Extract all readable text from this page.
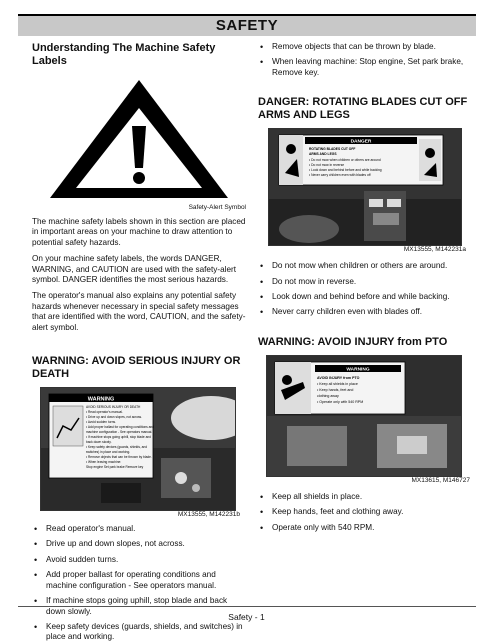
SAFETY
Understanding The Machine Safety Labels
Safety-Alert Symbol

The machine safety labels shown in this section are placed in important areas on your machine to draw attention to potential safety hazards.

On your machine safety labels, the words DANGER, WARNING, and CAUTION are used with the safety-alert symbol. DANGER identifies the most serious hazards.

The operator's manual also explains any potential safety hazards whenever necessary in special safety messages that are identified with the word, CAUTION, and the safety-alert symbol.

WARNING: AVOID SERIOUS INJURY OR DEATH
WARNING
AVOID SERIOUS INJURY OR DEATH
• Read operator's manual.
• Drive up and down slopes, not across.
• Avoid sudden turns.
• Add proper ballast for operating conditions and
machine configuration - See operators manual.
• If machine stops going uphill, stop blade and
back down slowly.
• Keep safety devices (guards, shields, and
switches) in place and working.
• Remove objects that can be thrown by blade.
• When leaving machine:
Stop engine Set park brake Remove key
MX13555, M142231b
• Read operator's manual.
• Drive up and down slopes, not across.
• Avoid sudden turns.
• Add proper ballast for operating conditions and machine configuration - See operators manual.
• If machine stops going uphill, stop blade and back down slowly.
• Keep safety devices (guards, shields, and switches) in place and working.
• Remove objects that can be thrown by blade.
• When leaving machine: Stop engine, Set park brake, Remove key.
DANGER: ROTATING BLADES CUT OFF ARMS AND LEGS
DANGER
ROTATING BLADES CUT OFF
ARMS AND LEGS
• Do not mow when children or others are around
• Do not mow in reverse
• Look down and behind before and while backing
• Never carry children even with blades off
MX13555, M142231a
• Do not mow when children or others are around.
• Do not mow in reverse.
• Look down and behind before and while backing.
• Never carry children even with blades off.
WARNING: AVOID INJURY from PTO
WARNING
AVOID INJURY from PTO
• Keep all shields in place
• Keep hands, feet and
clothing away
• Operate only with 540 RPM
MX13615, M146727
• Keep all shields in place.
• Keep hands, feet and clothing away.
• Operate only with 540 RPM.
Safety - 1
